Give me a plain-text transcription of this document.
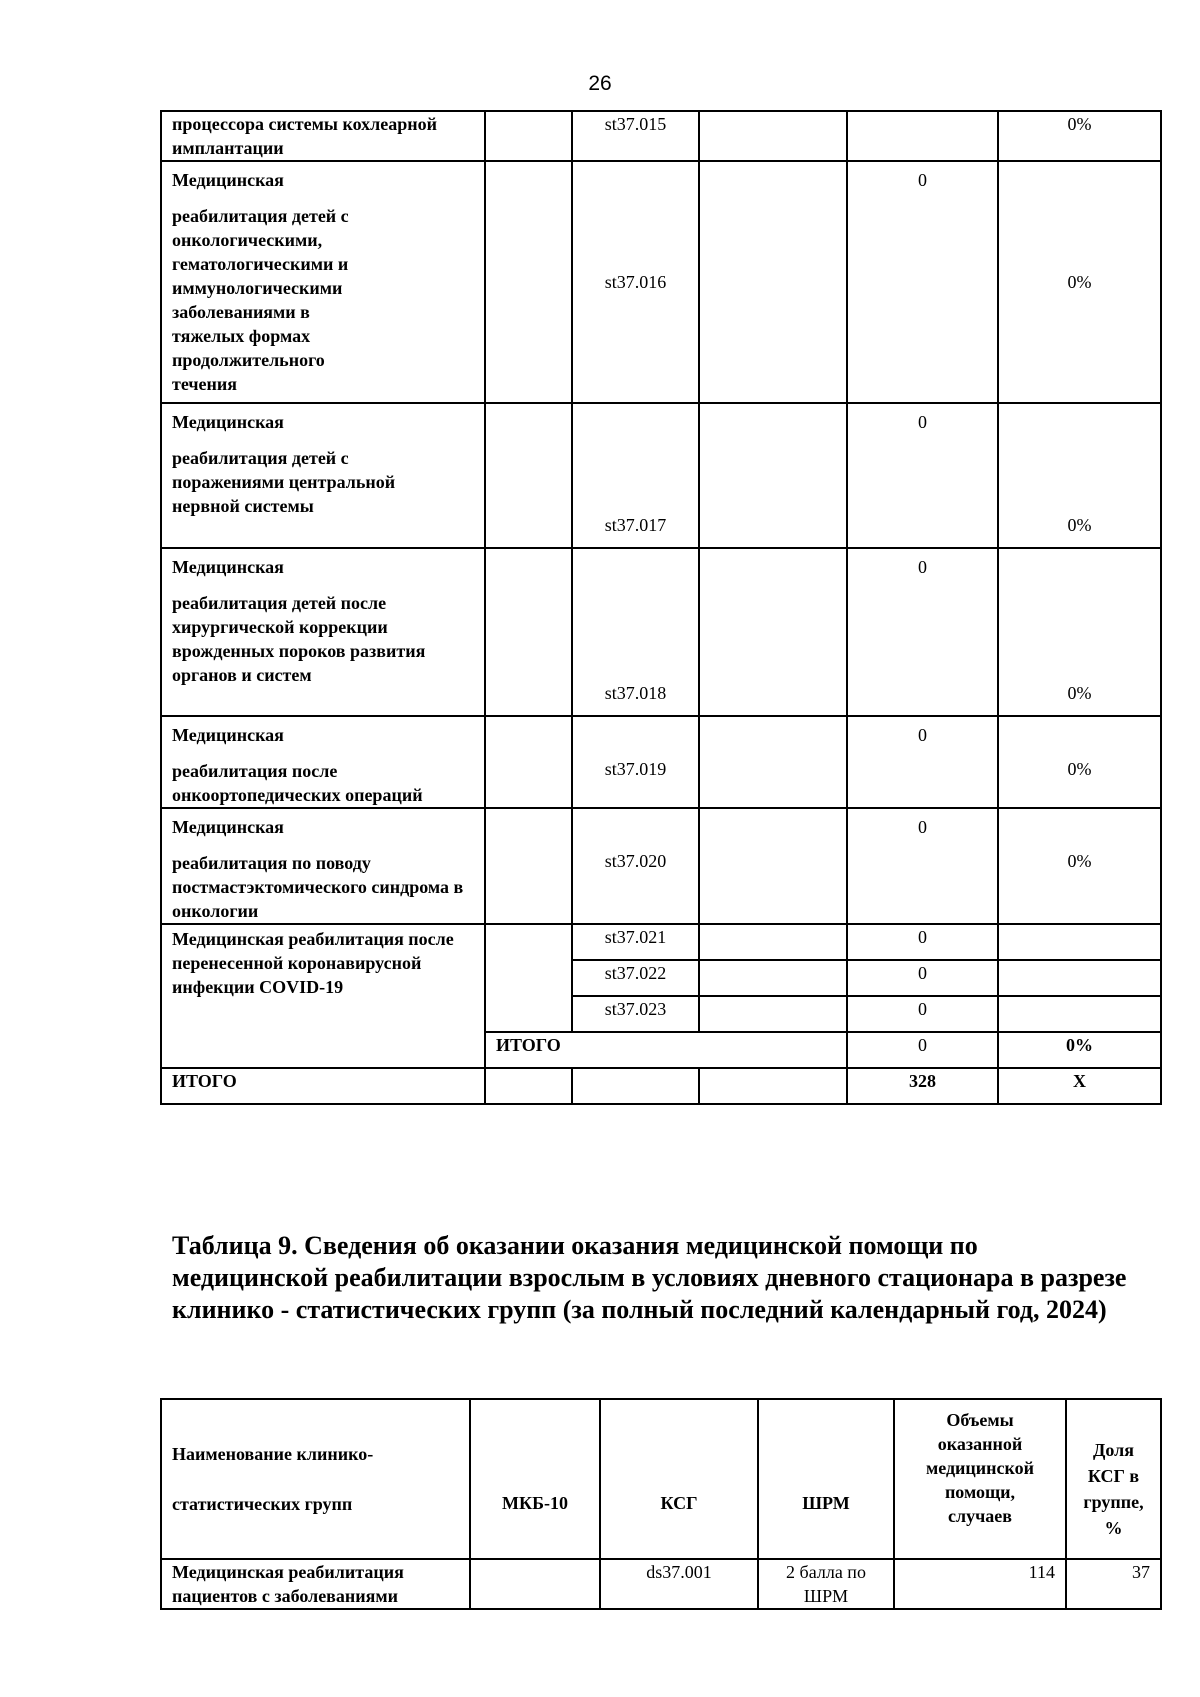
26
процессора системы кохлеарной
имплантации		st37.015			0%

Медицинская
реабилитация детей с онкологическими, гематологическими и иммунологическими заболеваниями в тяжелых формах продолжительного течения		st37.016		0	0%

Медицинская
реабилитация детей с поражениями центральной нервной системы		st37.017		0	0%

Медицинская
реабилитация детей после хирургической коррекции врожденных пороков развития органов и систем		st37.018		0	0%

Медицинская
реабилитация после онкоортопедических операций		st37.019		0	0%

Медицинская
реабилитация по поводу постмастэктомического синдрома в онкологии		st37.020		0	0%

Медицинская реабилитация после перенесенной коронавирусной инфекции COVID-19		st37.021		0	
		st37.022		0	
		st37.023		0	
	ИТОГО			0	0%
ИТОГО				328	X
Таблица 9. Сведения об оказании оказания медицинской помощи по медицинской реабилитации взрослым в условиях дневного стационара в разрезе клинико - статистических групп (за полный последний календарный год, 2024)
Наименование клинико-
статистических групп	МКБ-10	КСГ	ШРМ	Объемы оказанной медицинской помощи, случаев	Доля КСГ в группе, %

Медицинская реабилитация пациентов с заболеваниями		ds37.001	2 балла по ШРМ	114	37
